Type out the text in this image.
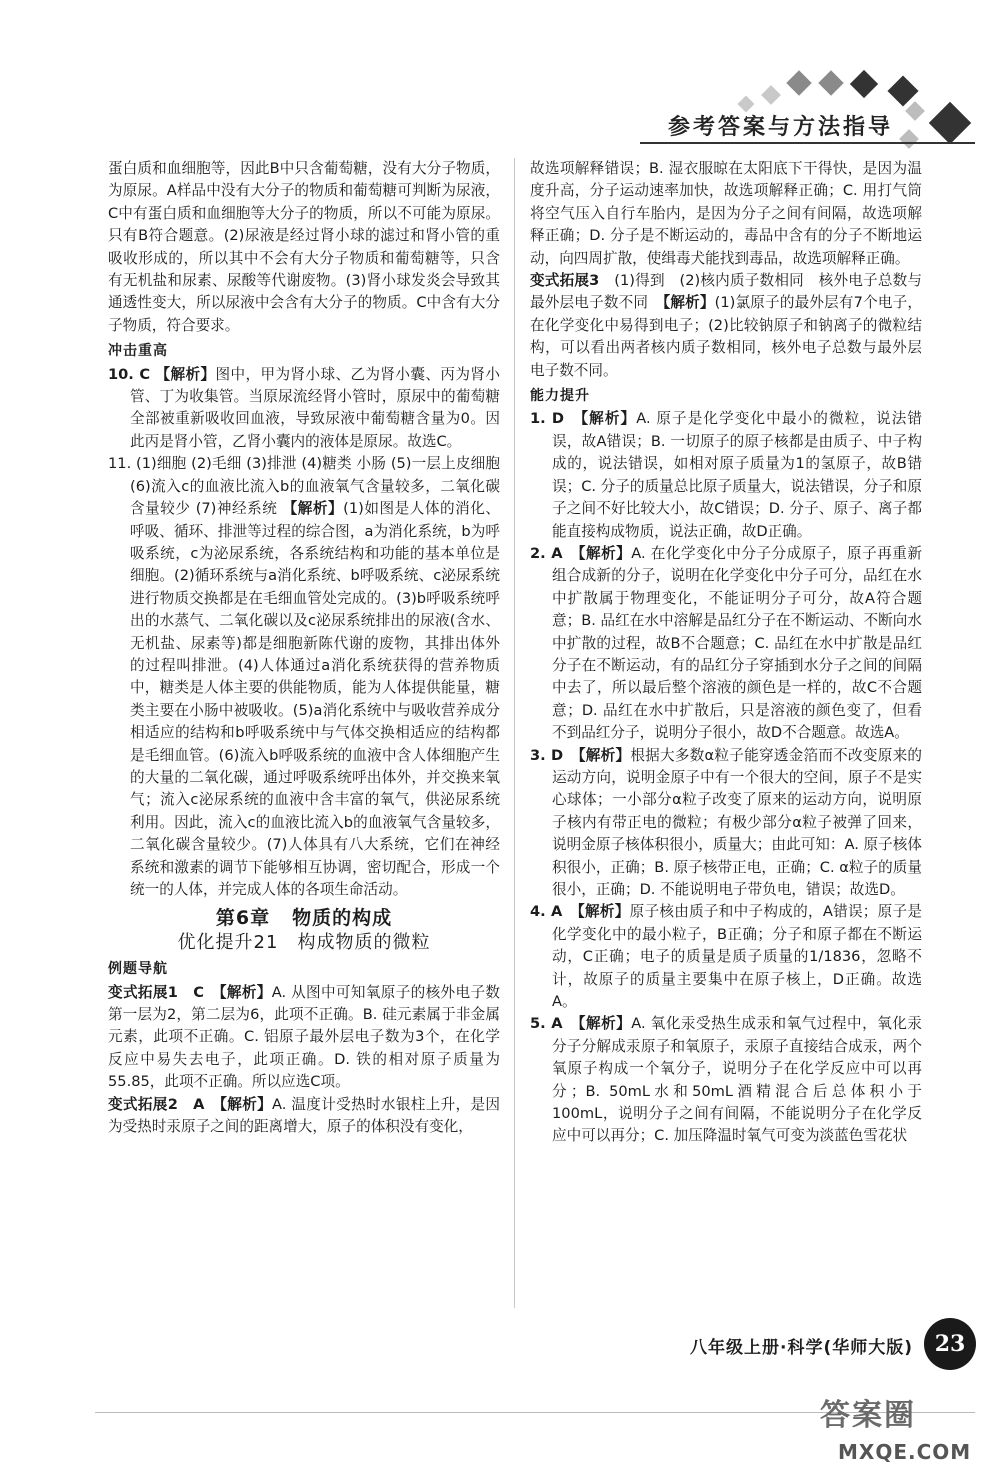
参考答案与方法指导

蛋白质和血细胞等，因此B中只含葡萄糖，没有大分子物质，为原尿。A样品中没有大分子的物质和葡萄糖可判断为尿液，C中有蛋白质和血细胞等大分子的物质，所以不可能为原尿。只有B符合题意。(2)尿液是经过肾小球的滤过和肾小管的重吸收形成的，所以其中不会有大分子物质和葡萄糖等，只含有无机盐和尿素、尿酸等代谢废物。(3)肾小球发炎会导致其通透性变大，所以尿液中会含有大分子的物质。C中含有大分子物质，符合要求。

冲击重高

10. C 【解析】图中，甲为肾小球、乙为肾小囊、丙为肾小管、丁为收集管。当原尿流经肾小管时，原尿中的葡萄糖全部被重新吸收回血液，导致尿液中葡萄糖含量为0。因此丙是肾小管，乙肾小囊内的液体是原尿。故选C。

11. (1)细胞 (2)毛细 (3)排泄 (4)糖类 小肠 (5)一层上皮细胞 (6)流入c的血液比流入b的血液氧气含量较多，二氧化碳含量较少 (7)神经系统 【解析】(1)如图是人体的消化、呼吸、循环、排泄等过程的综合图，a为消化系统，b为呼吸系统，c为泌尿系统，各系统结构和功能的基本单位是细胞。(2)循环系统与a消化系统、b呼吸系统、c泌尿系统进行物质交换都是在毛细血管处完成的。(3)b呼吸系统呼出的水蒸气、二氧化碳以及c泌尿系统排出的尿液(含水、无机盐、尿素等)都是细胞新陈代谢的废物，其排出体外的过程叫排泄。(4)人体通过a消化系统获得的营养物质中，糖类是人体主要的供能物质，能为人体提供能量，糖类主要在小肠中被吸收。(5)a消化系统中与吸收营养成分相适应的结构和b呼吸系统中与气体交换相适应的结构都是毛细血管。(6)流入b呼吸系统的血液中含人体细胞产生的大量的二氧化碳，通过呼吸系统呼出体外，并交换来氧气；流入c泌尿系统的血液中含丰富的氧气，供泌尿系统利用。因此，流入c的血液比流入b的血液氧气含量较多，二氧化碳含量较少。(7)人体具有八大系统，它们在神经系统和激素的调节下能够相互协调，密切配合，形成一个统一的人体，并完成人体的各项生命活动。

第6章 物质的构成
优化提升21　构成物质的微粒
例题导航

变式拓展1　C　【解析】A. 从图中可知氧原子的核外电子数第一层为2，第二层为6，此项不正确。B. 硅元素属于非金属元素，此项不正确。C. 铝原子最外层电子数为3个，在化学反应中易失去电子，此项正确。D. 铁的相对原子质量为55.85，此项不正确。所以应选C项。

变式拓展2　A　【解析】A. 温度计受热时水银柱上升，是因为受热时汞原子之间的距离增大，原子的体积没有变化，

故选项解释错误；B. 湿衣服晾在太阳底下干得快，是因为温度升高，分子运动速率加快，故选项解释正确；C. 用打气筒将空气压入自行车胎内，是因为分子之间有间隔，故选项解释正确；D. 分子是不断运动的，毒品中含有的分子不断地运动，向四周扩散，使缉毒犬能找到毒品，故选项解释正确。

变式拓展3　(1)得到　(2)核内质子数相同　核外电子总数与最外层电子数不同　【解析】(1)氯原子的最外层有7个电子，在化学变化中易得到电子；(2)比较钠原子和钠离子的微粒结构，可以看出两者核内质子数相同，核外电子总数与最外层电子数不同。

能力提升

1. D　【解析】A. 原子是化学变化中最小的微粒，说法错误，故A错误；B. 一切原子的原子核都是由质子、中子构成的，说法错误，如相对原子质量为1的氢原子，故B错误；C. 分子的质量总比原子质量大，说法错误，分子和原子之间不好比较大小，故C错误；D. 分子、原子、离子都能直接构成物质，说法正确，故D正确。

2. A　【解析】A. 在化学变化中分子分成原子，原子再重新组合成新的分子，说明在化学变化中分子可分，品红在水中扩散属于物理变化，不能证明分子可分，故A符合题意；B. 品红在水中溶解是品红分子在不断运动、不断向水中扩散的过程，故B不合题意；C. 品红在水中扩散是品红分子在不断运动，有的品红分子穿插到水分子之间的间隔中去了，所以最后整个溶液的颜色是一样的，故C不合题意；D. 品红在水中扩散后，只是溶液的颜色变了，但看不到品红分子，说明分子很小，故D不合题意。故选A。

3. D　【解析】根据大多数α粒子能穿透金箔而不改变原来的运动方向，说明金原子中有一个很大的空间，原子不是实心球体；一小部分α粒子改变了原来的运动方向，说明原子核内有带正电的微粒；有极少部分α粒子被弹了回来，说明金原子核体积很小，质量大；由此可知：A. 原子核体积很小，正确；B. 原子核带正电，正确；C. α粒子的质量很小，正确；D. 不能说明电子带负电，错误；故选D。

4. A　【解析】原子核由质子和中子构成的，A错误；原子是化学变化中的最小粒子，B正确；分子和原子都在不断运动，C正确；电子的质量是质子质量的1/1836，忽略不计，故原子的质量主要集中在原子核上，D正确。故选A。

5. A　【解析】A. 氧化汞受热生成汞和氧气过程中，氧化汞分子分解成汞原子和氧原子，汞原子直接结合成汞，两个氧原子构成一个氧分子，说明分子在化学反应中可以再分；B. 50mL水和50mL酒精混合后总体积小于100mL，说明分子之间有间隔，不能说明分子在化学反应中可以再分；C. 加压降温时氧气可变为淡蓝色雪花状

八年级上册·科学(华师大版) 23
答案圈
MXQE.COM
